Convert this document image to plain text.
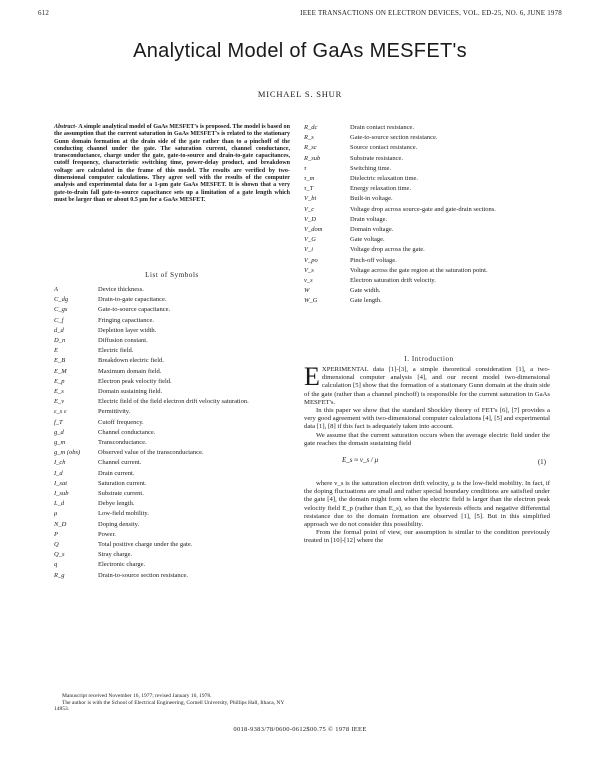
612	IEEE TRANSACTIONS ON ELECTRON DEVICES, VOL. ED-25, NO. 6, JUNE 1978
Analytical Model of GaAs MESFET's
MICHAEL S. SHUR
Abstract- A simple analytical model of GaAs MESFET's is proposed. The model is based on the assumption that the current saturation in GaAs MESFET's is related to the stationary Gunn domain formation at the drain side of the gate rather than to a pinchoff of the conducting channel under the gate. The saturation current, channel conductance, transconductance, charge under the gate, gate-to-source and drain-to-gate capacitances, cutoff frequency, characteristic switching time, power-delay product, and breakdown voltage are calculated in the frame of this model. The results are verified by two-dimensional computer calculations. They agree well with the results of the computer analysis and experimental data for a 1-μm gate GaAs MESFET. It is shown that a very gate-to-drain fall gate-to-source capacitance sets up a limitation of a gate length which must be larger than or about 0.5 μm for a GaAs MESFET.
List of Symbols
A	Device thickness.
C_dg	Drain-to-gate capacitance.
C_gs	Gate-to-source capacitance.
C_f	Fringing capacitance.
d_d	Depletion layer width.
D_n	Diffusion constant.
E	Electric field.
E_B	Breakdown electric field.
E_M	Maximum domain field.
E_p	Electron peak velocity field.
E_s	Domain sustaining field.
E_v	Electric field of the field electron drift velocity saturation.
ε_s ε	Permittivity.
f_T	Cutoff frequency.
g_d	Channel conductance.
g_m	Transconductance.
g_m (obs)	Observed value of the transconductance.
I_ch	Channel current.
I_d	Drain current.
I_sat	Saturation current.
I_sub	Substrate current.
L_d	Debye length.
μ	Low-field mobility.
N_D	Doping density.
P	Power.
Q	Total positive charge under the gate.
Q_s	Stray charge.
q	Electronic charge.
R_g	Drain-to-source section resistance.
R_dc	Drain contact resistance.
R_s	Gate-to-source section resistance.
R_sc	Source contact resistance.
R_sub	Substrate resistance.
τ	Switching time.
τ_m	Dielectric relaxation time.
τ_T	Energy relaxation time.
V_bi	Built-in voltage.
V_c	Voltage drop across source-gate and gate-drain sections.
V_D	Drain voltage.
V_dom	Domain voltage.
V_G	Gate voltage.
V_i	Voltage drop across the gate.
V_po	Pinch-off voltage.
V_s	Voltage across the gate region at the saturation point.
v_s	Electron saturation drift velocity.
W	Gate width.
W_G	Gate length.
I. Introduction

EXPERIMENTAL data [1]-[3], a simple theoretical consideration [1], a two-dimensional computer analysis [4], and our recent model two-dimensional calculation [5] show that the formation of a stationary Gunn domain at the drain side of the gate (rather than a channel pinchoff) is responsible for the current saturation in GaAs MESFET's.

In this paper we show that the standard Shockley theory of FET's [6], [7] provides a very good agreement with two-dimensional computer calculations [4], [5] and experimental data [1], [8] if this fact is adequately taken into account.

We assume that the current saturation occurs when the average electric field under the gate reaches the domain sustaining field

E_s ≈ v_s / μ	(1)

where v_s is the saturation electron drift velocity, μ is the low-field mobility. In fact, if the doping fluctuations are small and rather special boundary conditions are satisfied under the gate [4], the domain might form when the electric field is larger than the electron peak velocity field E_p (rather than E_s), so that the hysteresis effects and negative differential resistance due to the domain formation are observed [1], [5]. But in this simplified approach we do not consider this possibility.

From the formal point of view, our assumption is similar to the condition previously treated in [10]-[12] where the

Manuscript received November 16, 1977; revised January 16, 1978.

The author is with the School of Electrical Engineering, Cornell University, Phillips Hall, Ithaca, NY 14853.

0018-9383/78/0600-0612$00.75 © 1978 IEEE
